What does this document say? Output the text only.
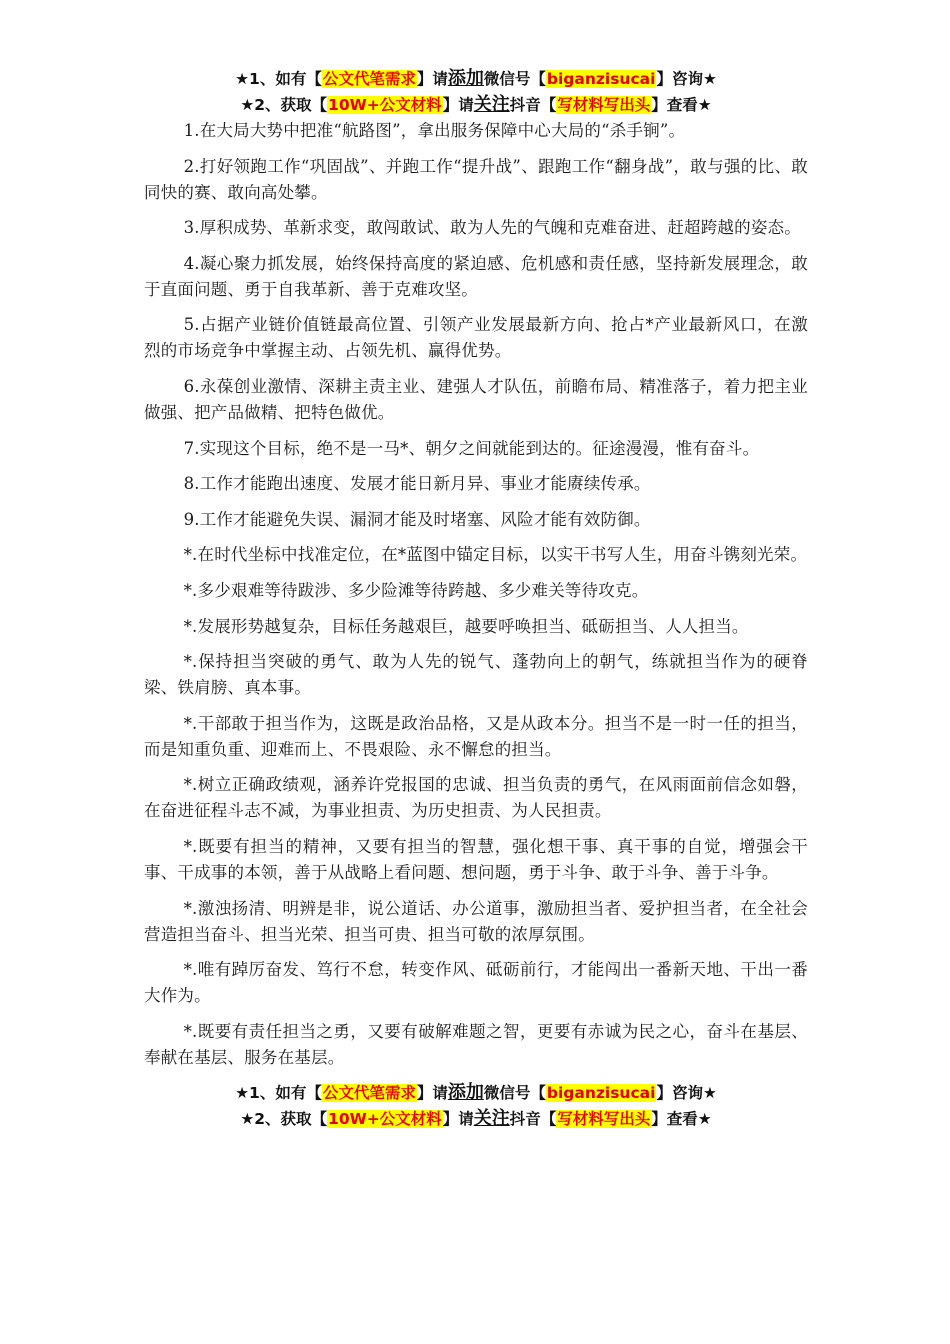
★1、如有【公文代笔需求】请添加微信号【biganzisucai】咨询★
★2、获取【10W+公文材料】请关注抖音【写材料写出头】查看★

1.在大局大势中把准“航路图”，拿出服务保障中心大局的“杀手锏”。

2.打好领跑工作“巩固战”、并跑工作“提升战”、跟跑工作“翻身战”，敢与强的比、敢同快的赛、敢向高处攀。

3.厚积成势、革新求变，敢闯敢试、敢为人先的气魄和克难奋进、赶超跨越的姿态。

4.凝心聚力抓发展，始终保持高度的紧迫感、危机感和责任感，坚持新发展理念，敢于直面问题、勇于自我革新、善于克难攻坚。

5.占据产业链价值链最高位置、引领产业发展最新方向、抢占*产业最新风口，在激烈的市场竞争中掌握主动、占领先机、赢得优势。

6.永葆创业激情、深耕主责主业、建强人才队伍，前瞻布局、精准落子，着力把主业做强、把产品做精、把特色做优。

7.实现这个目标，绝不是一马*、朝夕之间就能到达的。征途漫漫，惟有奋斗。

8.工作才能跑出速度、发展才能日新月异、事业才能赓续传承。

9.工作才能避免失误、漏洞才能及时堵塞、风险才能有效防御。

*.在时代坐标中找准定位，在*蓝图中锚定目标，以实干书写人生，用奋斗镌刻光荣。

*.多少艰难等待跋涉、多少险滩等待跨越、多少难关等待攻克。

*.发展形势越复杂，目标任务越艰巨，越要呼唤担当、砥砺担当、人人担当。

*.保持担当突破的勇气、敢为人先的锐气、蓬勃向上的朝气，练就担当作为的硬脊梁、铁肩膀、真本事。

*.干部敢于担当作为，这既是政治品格，又是从政本分。担当不是一时一任的担当，而是知重负重、迎难而上、不畏艰险、永不懈怠的担当。

*.树立正确政绩观，涵养许党报国的忠诚、担当负责的勇气，在风雨面前信念如磐，在奋进征程斗志不减，为事业担责、为历史担责、为人民担责。

*.既要有担当的精神，又要有担当的智慧，强化想干事、真干事的自觉，增强会干事、干成事的本领，善于从战略上看问题、想问题，勇于斗争、敢于斗争、善于斗争。

*.激浊扬清、明辨是非，说公道话、办公道事，激励担当者、爱护担当者，在全社会营造担当奋斗、担当光荣、担当可贵、担当可敬的浓厚氛围。

*.唯有踔厉奋发、笃行不怠，转变作风、砥砺前行，才能闯出一番新天地、干出一番大作为。

*.既要有责任担当之勇，又要有破解难题之智，更要有赤诚为民之心，奋斗在基层、奉献在基层、服务在基层。

★1、如有【公文代笔需求】请添加微信号【biganzisucai】咨询★
★2、获取【10W+公文材料】请关注抖音【写材料写出头】查看★
